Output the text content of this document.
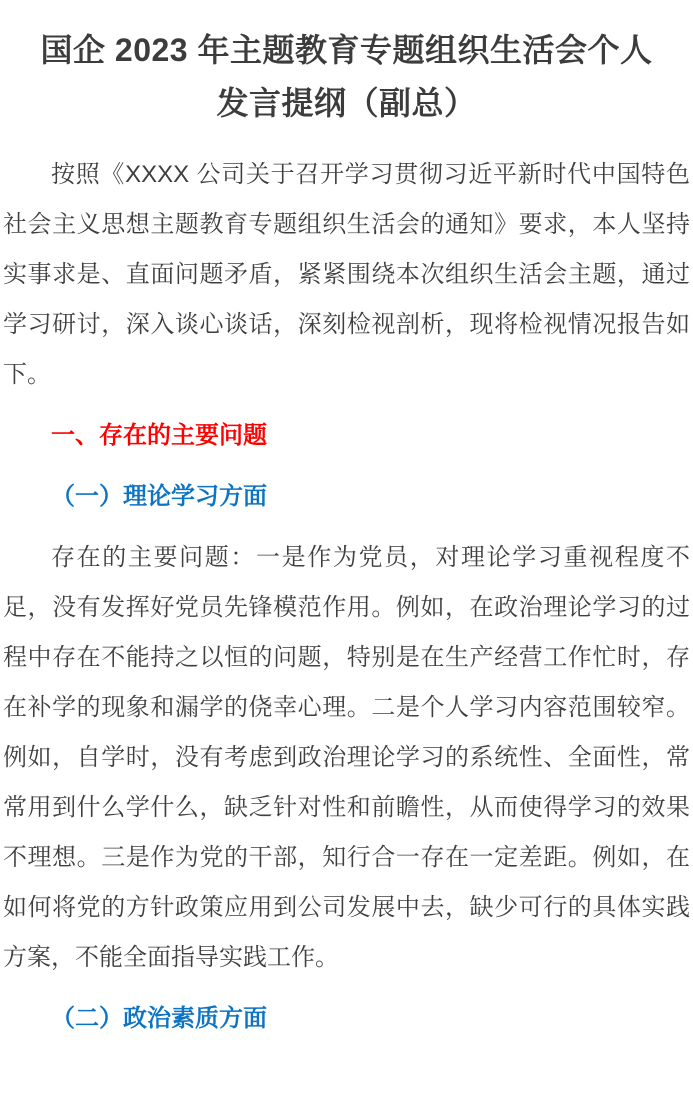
国企 2023 年主题教育专题组织生活会个人
发言提纲（副总）

按照《XXXX 公司关于召开学习贯彻习近平新时代中国特色社会主义思想主题教育专题组织生活会的通知》要求，本人坚持实事求是、直面问题矛盾，紧紧围绕本次组织生活会主题，通过学习研讨，深入谈心谈话，深刻检视剖析，现将检视情况报告如下。

一、存在的主要问题

（一）理论学习方面

存在的主要问题：一是作为党员，对理论学习重视程度不足，没有发挥好党员先锋模范作用。例如，在政治理论学习的过程中存在不能持之以恒的问题，特别是在生产经营工作忙时，存在补学的现象和漏学的侥幸心理。二是个人学习内容范围较窄。例如，自学时，没有考虑到政治理论学习的系统性、全面性，常常用到什么学什么，缺乏针对性和前瞻性，从而使得学习的效果不理想。三是作为党的干部，知行合一存在一定差距。例如，在如何将党的方针政策应用到公司发展中去，缺少可行的具体实践方案，不能全面指导实践工作。

（二）政治素质方面
